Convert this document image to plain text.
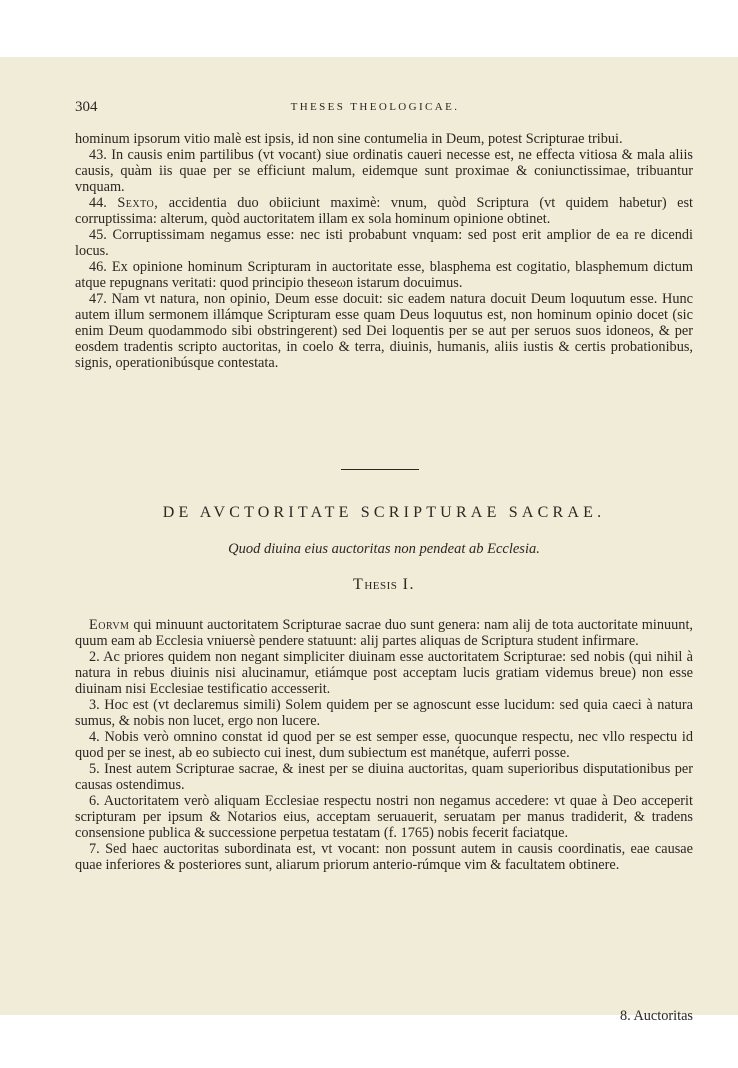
304	THESES THEOLOGICAE.

hominum ipsorum vitio malè est ipsis, id non sine contumelia in Deum, potest Scripturae tribui.

43. In causis enim partilibus (vt vocant) siue ordinatis caueri necesse est, ne effecta vitiosa & mala aliis causis, quàm iis quae per se efficiunt malum, eidemque sunt proximae & coniunctissimae, tribuantur vnquam.

44. Sexto, accidentia duo obiiciunt maximè: vnum, quòd Scriptura (vt quidem habetur) est corruptissima: alterum, quòd auctoritatem illam ex sola hominum opinione obtinet.

45. Corruptissimam negamus esse: nec isti probabunt vnquam: sed post erit amplior de ea re dicendi locus.

46. Ex opinione hominum Scripturam in auctoritate esse, blasphema est cogitatio, blasphemum dictum atque repugnans veritati: quod principio theseωn istarum docuimus.

47. Nam vt natura, non opinio, Deum esse docuit: sic eadem natura docuit Deum loquutum esse. Hunc autem illum sermonem illámque Scripturam esse quam Deus loquutus est, non hominum opinio docet (sic enim Deum quodammodo sibi obstringerent) sed Dei loquentis per se aut per seruos suos idoneos, & per eosdem tradentis scripto auctoritas, in coelo & terra, diuinis, humanis, aliis iustis & certis probationibus, signis, operationibúsque contestata.

DE AVCTORITATE SCRIPTURAE SACRAE.
Quod diuina eius auctoritas non pendeat ab Ecclesia.
Thesis I.

Eorvm qui minuunt auctoritatem Scripturae sacrae duo sunt genera: nam alij de tota auctoritate minuunt, quum eam ab Ecclesia vniuersè pendere statuunt: alij partes aliquas de Scriptura student infirmare.

2. Ac priores quidem non negant simpliciter diuinam esse auctoritatem Scripturae: sed nobis (qui nihil à natura in rebus diuinis nisi alucinamur, etiámque post acceptam lucis gratiam videmus breue) non esse diuinam nisi Ecclesiae testificatio accesserit.

3. Hoc est (vt declaremus simili) Solem quidem per se agnoscunt esse lucidum: sed quia caeci à natura sumus, & nobis non lucet, ergo non lucere.

4. Nobis verò omnino constat id quod per se est semper esse, quocunque respectu, nec vllo respectu id quod per se inest, ab eo subiecto cui inest, dum subiectum est manétque, auferri posse.

5. Inest autem Scripturae sacrae, & inest per se diuina auctoritas, quam superioribus disputationibus per causas ostendimus.

6. Auctoritatem verò aliquam Ecclesiae respectu nostri non negamus accedere: vt quae à Deo acceperit scripturam per ipsum & Notarios eius, acceptam seruauerit, seruatam per manus tradiderit, & tradens consensione publica & successione perpetua testatam (f. 1765) nobis fecerit faciatque.

7. Sed haec auctoritas subordinata est, vt vocant: non possunt autem in causis coordinatis, eae causae quae inferiores & posteriores sunt, aliarum priorum anterio-rúmque vim & facultatem obtinere.

8. Auctoritas
